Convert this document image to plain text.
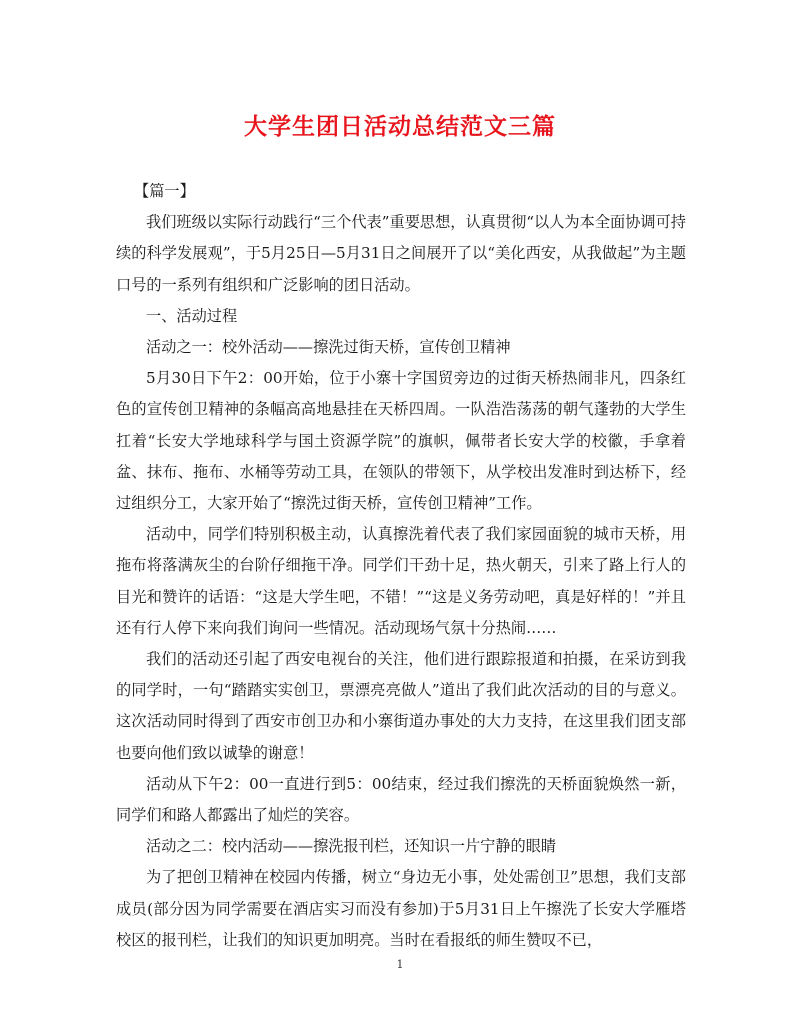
大学生团日活动总结范文三篇

【篇一】

我们班级以实际行动践行“三个代表”重要思想，认真贯彻“以人为本全面协调可持续的科学发展观”，于5月25日—5月31日之间展开了以“美化西安，从我做起”为主题口号的一系列有组织和广泛影响的团日活动。

一、活动过程

活动之一：校外活动——擦洗过街天桥，宣传创卫精神

5月30日下午2：00开始，位于小寨十字国贸旁边的过街天桥热闹非凡，四条红色的宣传创卫精神的条幅高高地悬挂在天桥四周。一队浩浩荡荡的朝气蓬勃的大学生扛着“长安大学地球科学与国土资源学院”的旗帜，佩带者长安大学的校徽，手拿着盆、抹布、拖布、水桶等劳动工具，在领队的带领下，从学校出发准时到达桥下，经过组织分工，大家开始了“擦洗过街天桥，宣传创卫精神”工作。

活动中，同学们特别积极主动，认真擦洗着代表了我们家园面貌的城市天桥，用拖布将落满灰尘的台阶仔细拖干净。同学们干劲十足，热火朝天，引来了路上行人的目光和赞许的话语：“这是大学生吧，不错！”“这是义务劳动吧，真是好样的！”并且还有行人停下来向我们询问一些情况。活动现场气氛十分热闹……

我们的活动还引起了西安电视台的关注，他们进行跟踪报道和拍摄，在采访到我的同学时，一句“踏踏实实创卫，票漂亮亮做人”道出了我们此次活动的目的与意义。这次活动同时得到了西安市创卫办和小寨街道办事处的大力支持，在这里我们团支部也要向他们致以诚挚的谢意！

活动从下午2：00一直进行到5：00结束，经过我们擦洗的天桥面貌焕然一新，同学们和路人都露出了灿烂的笑容。

活动之二：校内活动——擦洗报刊栏，还知识一片宁静的眼睛

为了把创卫精神在校园内传播，树立“身边无小事，处处需创卫”思想，我们支部成员(部分因为同学需要在酒店实习而没有参加)于5月31日上午擦洗了长安大学雁塔校区的报刊栏，让我们的知识更加明亮。当时在看报纸的师生赞叹不已，

1
